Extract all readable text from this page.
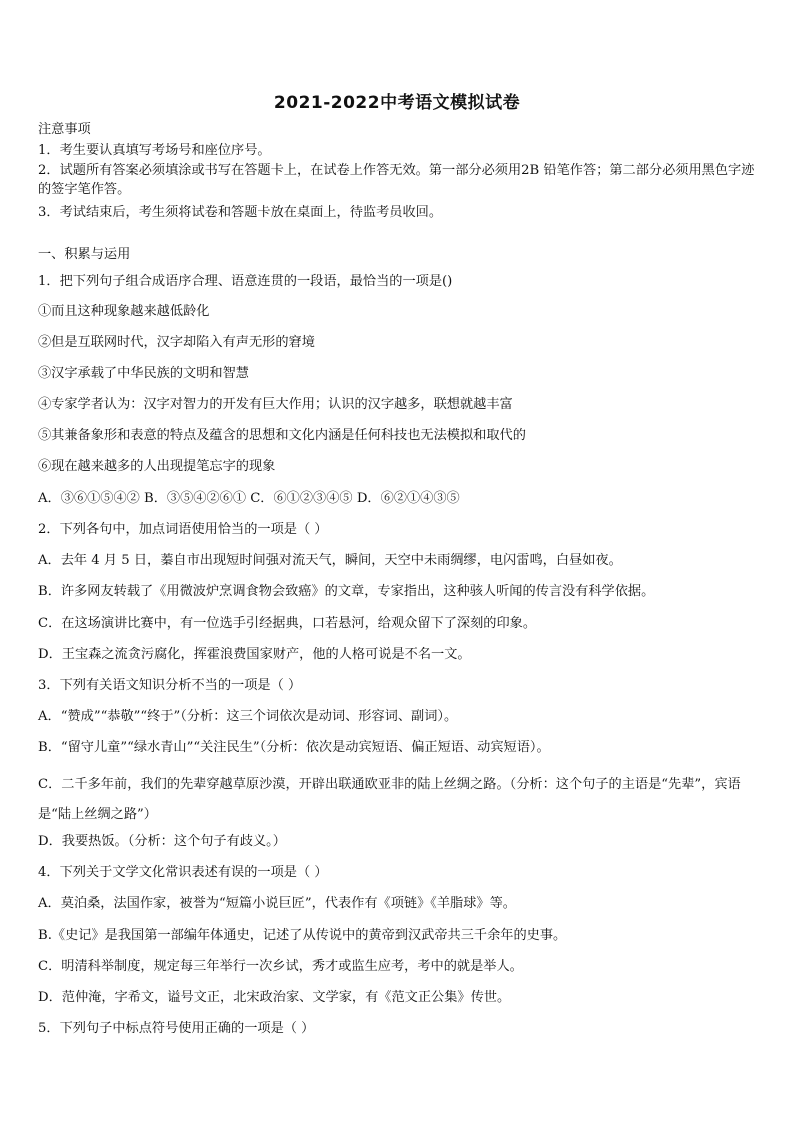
2021-2022中考语文模拟试卷
注意事项
1．考生要认真填写考场号和座位序号。
2．试题所有答案必须填涂或书写在答题卡上，在试卷上作答无效。第一部分必须用2B 铅笔作答；第二部分必须用黑色字迹的签字笔作答。
3．考试结束后，考生须将试卷和答题卡放在桌面上，待监考员收回。
一、积累与运用
1．把下列句子组合成语序合理、语意连贯的一段语，最恰当的一项是()
①而且这种现象越来越低龄化
②但是互联网时代，汉字却陷入有声无形的窘境
③汉字承载了中华民族的文明和智慧
④专家学者认为：汉字对智力的开发有巨大作用；认识的汉字越多，联想就越丰富
⑤其兼备象形和表意的特点及蕴含的思想和文化内涵是任何科技也无法模拟和取代的
⑥现在越来越多的人出现提笔忘字的现象
A．③⑥①⑤④② B．③⑤④②⑥① C．⑥①②③④⑤ D．⑥②①④③⑤
2．下列各句中，加点词语使用恰当的一项是（ ）
A．去年 4 月 5 日，蓁自市出现短时间强对流天气，瞬间，天空中未雨绸缪，电闪雷鸣，白昼如夜。
B．许多网友转载了《用微波炉烹调食物会致癌》的文章，专家指出，这种骇人听闻的传言没有科学依据。
C．在这场演讲比赛中，有一位选手引经据典，口若悬河，给观众留下了深刻的印象。
D．王宝森之流贪污腐化，挥霍浪费国家财产，他的人格可说是不名一文。
3．下列有关语文知识分析不当的一项是（ ）
A．“赞成”“恭敬”“终于”（分析：这三个词依次是动词、形容词、副词）。
B．“留守儿童”“绿水青山”“关注民生”（分析：依次是动宾短语、偏正短语、动宾短语）。
C．二千多年前，我们的先辈穿越草原沙漠，开辟出联通欧亚非的陆上丝绸之路。（分析：这个句子的主语是“先辈”，宾语是“陆上丝绸之路”）
D．我要热饭。（分析：这个句子有歧义。）
4．下列关于文学文化常识表述有误的一项是（ ）
A．莫泊桑，法国作家，被誉为“短篇小说巨匠”，代表作有《项链》《羊脂球》等。
B.《史记》是我国第一部编年体通史，记述了从传说中的黄帝到汉武帝共三千余年的史事。
C．明清科举制度，规定每三年举行一次乡试，秀才或监生应考，考中的就是举人。
D．范仲淹，字希文，谥号文正，北宋政治家、文学家，有《范文正公集》传世。
5．下列句子中标点符号使用正确的一项是（ ）
